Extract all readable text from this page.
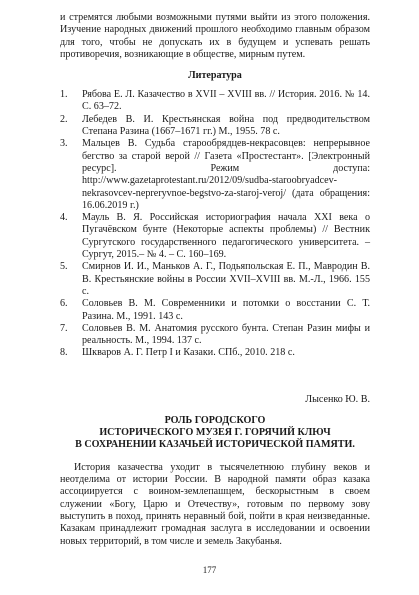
и стремятся любыми возможными путями выйти из этого положения. Изучение народных движений прошлого необходимо главным образом для того, чтобы не допускать их в будущем и успевать решать противоречия, возникающие в обществе, мирным путем.

Литература
1.	Рябова Е. Л. Казачество в XVII – XVIII вв. // История. 2016. № 14. С. 63–72.
2.	Лебедев В. И. Крестьянская война под предводительством Степана Разина (1667–1671 гг.) М., 1955. 78 с.
3.	Мальцев В. Судьба старообрядцев-некрасовцев: непрерывное бегство за старой верой // Газета «Простестант». [Электронный ресурс]. Режим доступа: http://www.gazetaprotestant.ru/2012/09/sudba-staroobryadcev-nekrasovcev-nepreryvnoe-begstvo-za-staroj-veroj/ (дата обращения: 16.06.2019 г.)
4.	Мауль В. Я. Российская историография начала XXI века о Пугачёвском бунте (Некоторые аспекты проблемы) // Вестник Сургутского государственного педагогического университета. – Сургут, 2015.– № 4. – С. 160–169.
5.	Смирнов И. И., Маньков А. Г., Подьяпольская Е. П., Мавродин В. В. Крестьянские войны в России XVII–XVIII вв. М.-Л., 1966. 155 с.
6.	Соловьев В. М. Современники и потомки о восстании С. Т. Разина. М., 1991. 143 с.
7.	Соловьев В. М. Анатомия русского бунта. Степан Разин мифы и реальность. М., 1994. 137 с.
8.	Шкваров А. Г. Петр I и Казаки. СПб., 2010. 218 с.
Лысенко Ю. В.
РОЛЬ ГОРОДСКОГО
ИСТОРИЧЕСКОГО МУЗЕЯ Г. ГОРЯЧИЙ КЛЮЧ
В СОХРАНЕНИИ КАЗАЧЬЕЙ ИСТОРИЧЕСКОЙ ПАМЯТИ.

История казачества уходит в тысячелетнюю глубину веков и неотделима от истории России. В народной памяти образ казака ассоциируется с воином-землепашцем, бескорыстным в своем служении «Богу, Царю и Отечеству», готовым по первому зову выступить в поход, принять неравный бой, пойти в края неизведанные. Казакам принадлежит громадная заслуга в исследовании и освоении новых территорий, в том числе и земель Закубанья.

177
